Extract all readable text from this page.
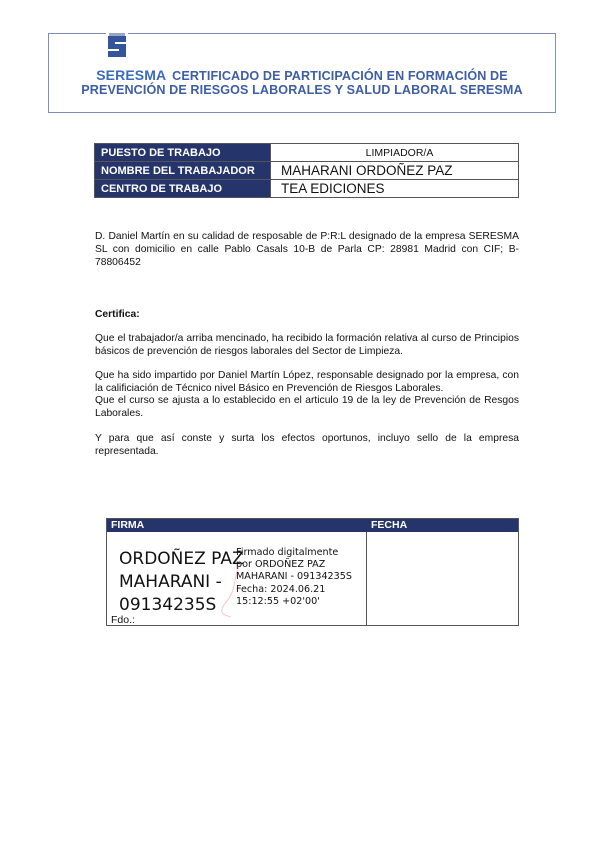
SERESMA CERTIFICADO DE PARTICIPACIÓN EN FORMACIÓN DE
PREVENCIÓN DE RIESGOS LABORALES Y SALUD LABORAL SERESMA
PUESTO DE TRABAJO	LIMPIADOR/A
NOMBRE DEL TRABAJADOR	MAHARANI ORDOÑEZ PAZ
CENTRO DE TRABAJO	TEA EDICIONES

D. Daniel Martín en su calidad de resposable de P:R:L designado de la empresa SERESMA SL con domicilio en calle Pablo Casals 10-B de Parla CP: 28981 Madrid con CIF; B-78806452

Certifica:

Que el trabajador/a arriba mencinado, ha recibido la formación relativa al curso de Principios básicos de prevención de riesgos laborales del Sector de Limpieza.

Que ha sido impartido por Daniel Martín López, responsable designado por la empresa, con la calificiación de Técnico nivel Básico en Prevención de Riesgos Laborales.

Que el curso se ajusta a lo establecido en el articulo 19 de la ley de Prevención de Resgos Laborales.

Y para que así conste y surta los efectos oportunos, incluyo sello de la empresa representada.

FIRMA	FECHA
ORDOÑEZ PAZ
MAHARANI -
09134235S
Firmado digitalmente
por ORDOÑEZ PAZ
MAHARANI - 09134235S
Fecha: 2024.06.21
15:12:55 +02'00'
Fdo.:
